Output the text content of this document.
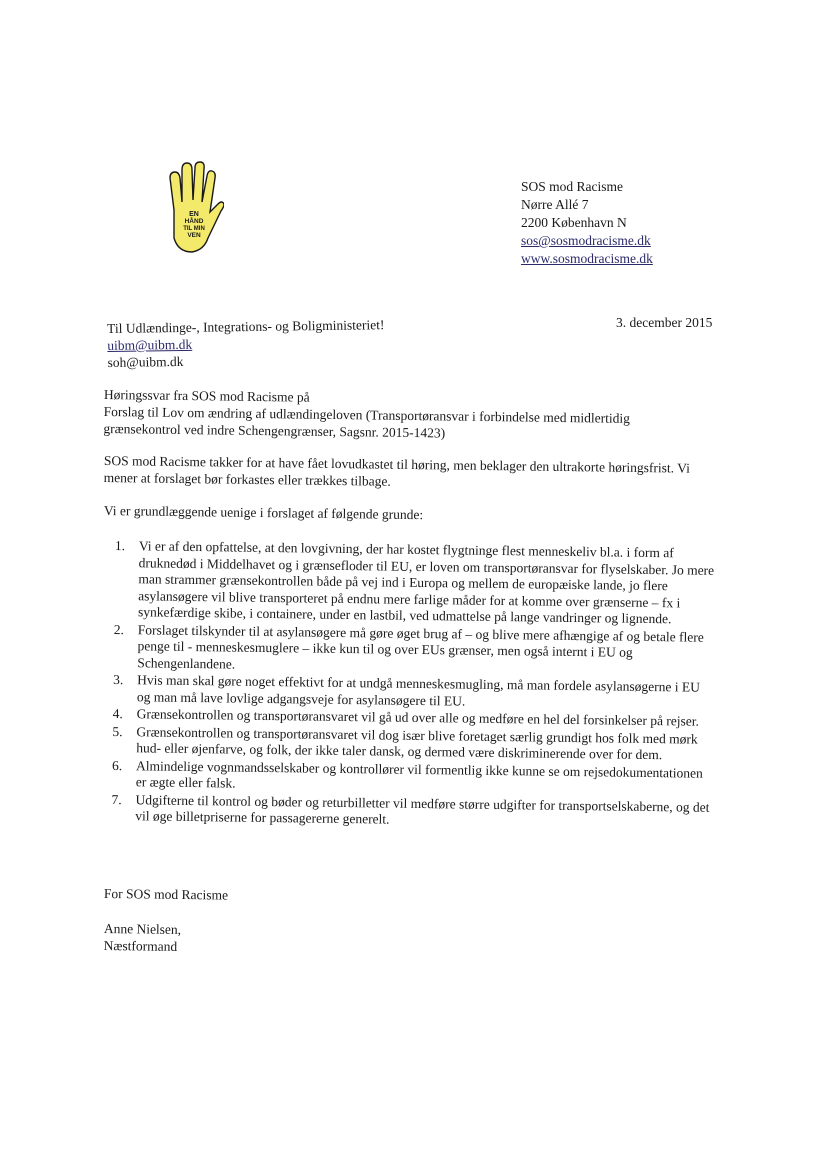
EN
HÅND
TIL MIN
VEN
SOS mod Racisme
Nørre Allé 7
2200 København N
sos@sosmodracisme.dk
www.sosmodracisme.dk
3. december 2015
Til Udlændinge-, Integrations- og Boligministeriet!
uibm@uibm.dk
soh@uibm.dk
Høringssvar fra SOS mod Racisme på
Forslag til Lov om ændring af udlændingeloven (Transportøransvar i forbindelse med midlertidig grænsekontrol ved indre Schengengrænser, Sagsnr. 2015-1423)
SOS mod Racisme takker for at have fået lovudkastet til høring, men beklager den ultrakorte høringsfrist. Vi mener at forslaget bør forkastes eller trækkes tilbage.
Vi er grundlæggende uenige i forslaget af følgende grunde:
1.	Vi er af den opfattelse, at den lovgivning, der har kostet flygtninge flest menneskeliv bl.a. i form af druknedød i Middelhavet og i grænsefloder til EU, er loven om transportøransvar for flyselskaber. Jo mere man strammer grænsekontrollen både på vej ind i Europa og mellem de europæiske lande, jo flere asylansøgere vil blive transporteret på endnu mere farlige måder for at komme over grænserne – fx i synkefærdige skibe, i containere, under en lastbil, ved udmattelse på lange vandringer og lignende.
2.	Forslaget tilskynder til at asylansøgere må gøre øget brug af – og blive mere afhængige af og betale flere penge til - menneskesmuglere – ikke kun til og over EUs grænser, men også internt i EU og Schengenlandene.
3.	Hvis man skal gøre noget effektivt for at undgå menneskesmugling, må man fordele asylansøgerne i EU og man må lave lovlige adgangsveje for asylansøgere til EU.
4.	Grænsekontrollen og transportøransvaret vil gå ud over alle og medføre en hel del forsinkelser på rejser.
5.	Grænsekontrollen og transportøransvaret vil dog især blive foretaget særlig grundigt hos folk med mørk hud- eller øjenfarve, og folk, der ikke taler dansk, og dermed være diskriminerende over for dem.
6.	Almindelige vognmandsselskaber og kontrollører vil formentlig ikke kunne se om rejsedokumentationen er ægte eller falsk.
7.	Udgifterne til kontrol og bøder og returbilletter vil medføre større udgifter for transportselskaberne, og det vil øge billetpriserne for passagererne generelt.
For SOS mod Racisme
Anne Nielsen,
Næstformand
